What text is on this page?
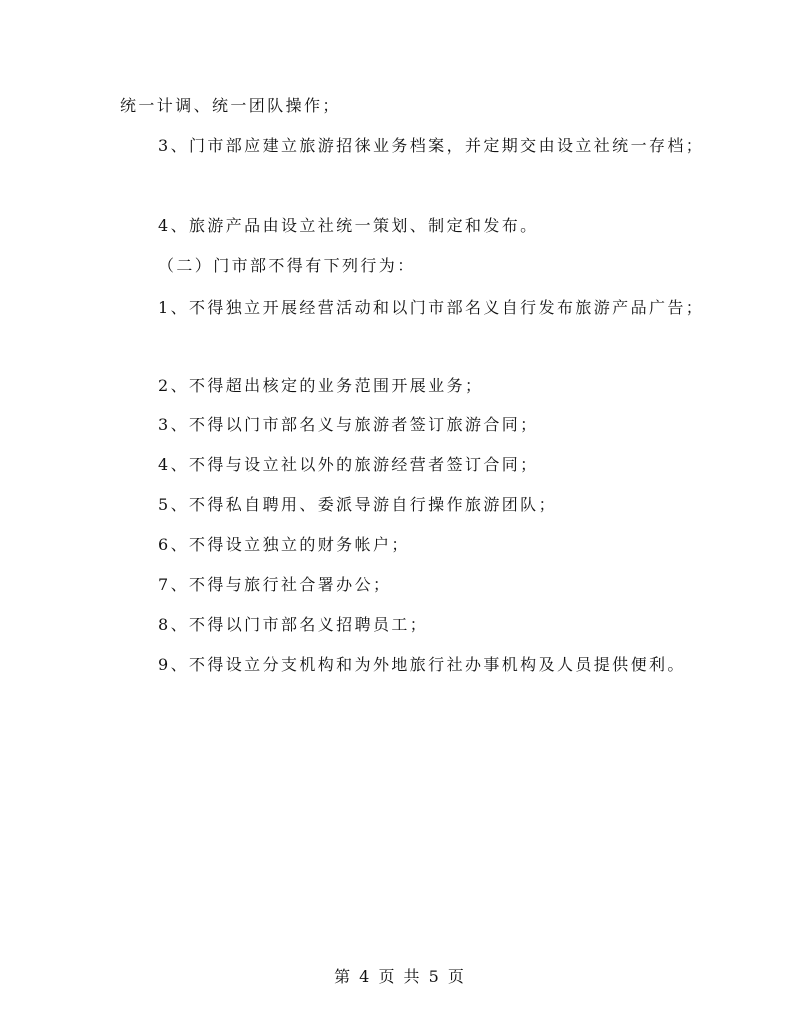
统一计调、统一团队操作；
3、门市部应建立旅游招徕业务档案，并定期交由设立社统一存档；
4、旅游产品由设立社统一策划、制定和发布。
（二）门市部不得有下列行为：
1、不得独立开展经营活动和以门市部名义自行发布旅游产品广告；
2、不得超出核定的业务范围开展业务；
3、不得以门市部名义与旅游者签订旅游合同；
4、不得与设立社以外的旅游经营者签订合同；
5、不得私自聘用、委派导游自行操作旅游团队；
6、不得设立独立的财务帐户；
7、不得与旅行社合署办公；
8、不得以门市部名义招聘员工；
9、不得设立分支机构和为外地旅行社办事机构及人员提供便利。
第 4 页 共 5 页
